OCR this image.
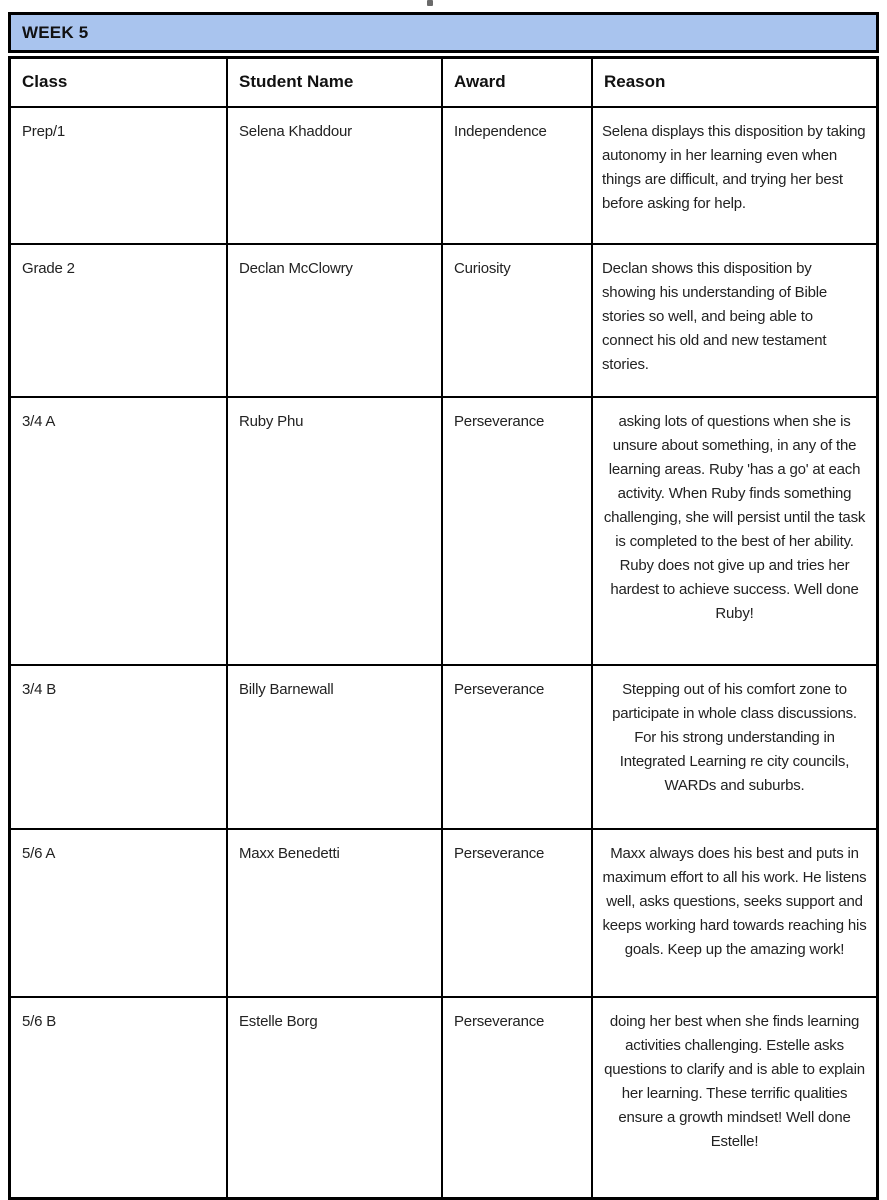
WEEK 5
Class	Student Name	Award	Reason
Prep/1	Selena Khaddour	Independence	Selena displays this disposition by taking autonomy in her learning even when things are difficult, and trying her best before asking for help.
Grade 2	Declan McClowry	Curiosity	Declan shows this disposition by showing his understanding of Bible stories so well, and being able to connect his old and new testament stories.
3/4 A	Ruby Phu	Perseverance	asking lots of questions when she is unsure about something, in any of the learning areas. Ruby 'has a go' at each activity. When Ruby finds something challenging, she will persist until the task is completed to the best of her ability. Ruby does not give up and tries her hardest to achieve success. Well done Ruby!
3/4 B	Billy Barnewall	Perseverance	Stepping out of his comfort zone to participate in whole class discussions. For his strong understanding in Integrated Learning re city councils, WARDs and suburbs.
5/6 A	Maxx Benedetti	Perseverance	Maxx always does his best and puts in maximum effort to all his work. He listens well, asks questions, seeks support and keeps working hard towards reaching his goals. Keep up the amazing work!
5/6 B	Estelle Borg	Perseverance	doing her best when she finds learning activities challenging. Estelle asks questions to clarify and is able to explain her learning. These terrific qualities ensure a growth mindset! Well done Estelle!
